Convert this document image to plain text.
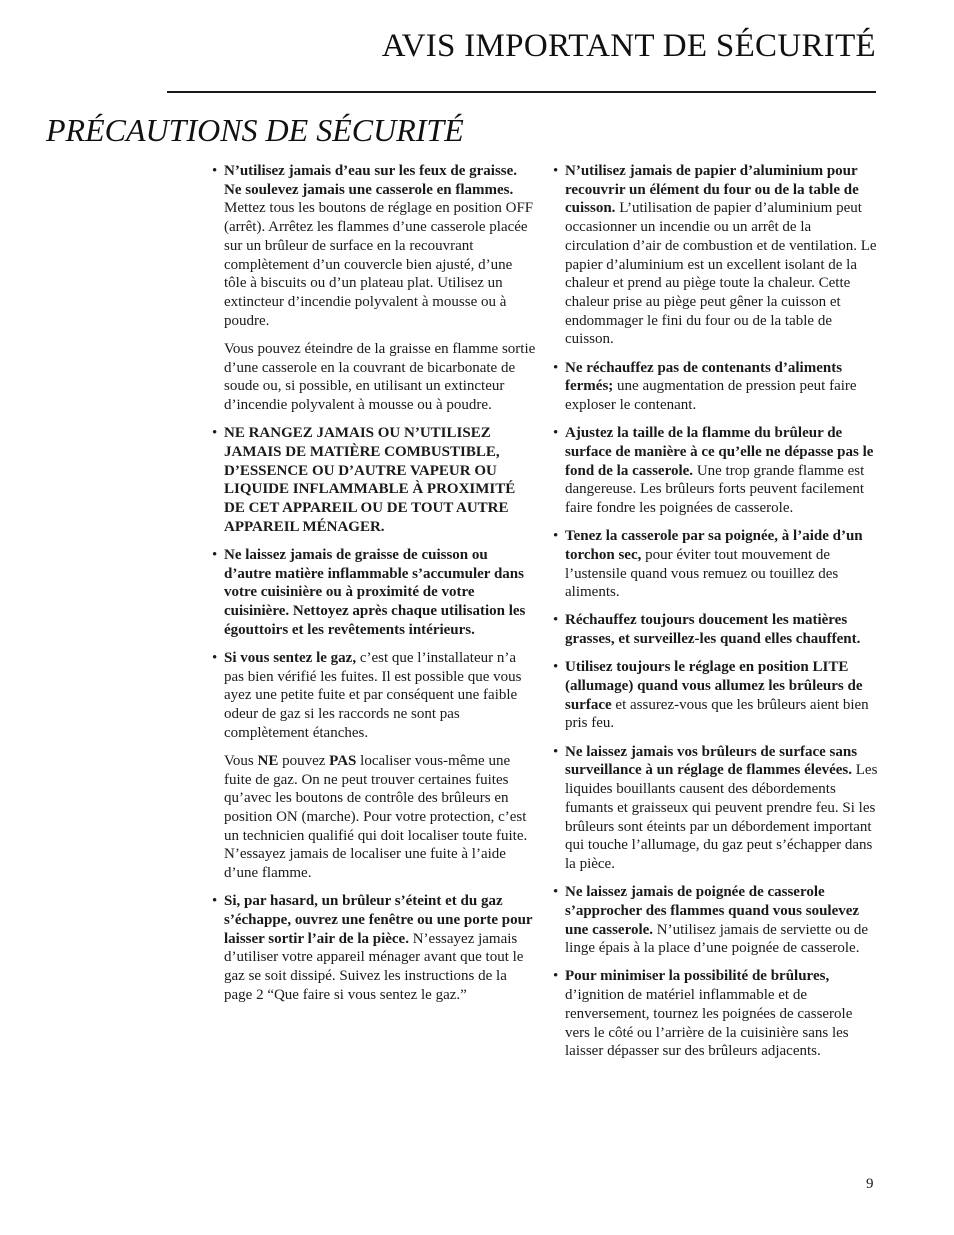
AVIS IMPORTANT DE SÉCURITÉ
PRÉCAUTIONS DE SÉCURITÉ
• N’utilisez jamais d’eau sur les feux de graisse. Ne soulevez jamais une casserole en flammes. Mettez tous les boutons de réglage en position OFF (arrêt). Arrêtez les flammes d’une casserole placée sur un brûleur de surface en la recouvrant complètement d’un couvercle bien ajusté, d’une tôle à biscuits ou d’un plateau plat. Utilisez un extincteur d’incendie polyvalent à mousse ou à poudre.
Vous pouvez éteindre de la graisse en flamme sortie d’une casserole en la couvrant de bicarbonate de soude ou, si possible, en utilisant un extincteur d’incendie polyvalent à mousse ou à poudre.
• NE RANGEZ JAMAIS OU N’UTILISEZ JAMAIS DE MATIÈRE COMBUSTIBLE, D’ESSENCE OU D’AUTRE VAPEUR OU LIQUIDE INFLAMMABLE À PROXIMITÉ DE CET APPAREIL OU DE TOUT AUTRE APPAREIL MÉNAGER.
• Ne laissez jamais de graisse de cuisson ou d’autre matière inflammable s’accumuler dans votre cuisinière ou à proximité de votre cuisinière. Nettoyez après chaque utilisation les égouttoirs et les revêtements intérieurs.
• Si vous sentez le gaz, c’est que l’installateur n’a pas bien vérifié les fuites. Il est possible que vous ayez une petite fuite et par conséquent une faible odeur de gaz si les raccords ne sont pas complètement étanches.
Vous NE pouvez PAS localiser vous-même une fuite de gaz. On ne peut trouver certaines fuites qu’avec les boutons de contrôle des brûleurs en position ON (marche). Pour votre protection, c’est un technicien qualifié qui doit localiser toute fuite. N’essayez jamais de localiser une fuite à l’aide d’une flamme.
• Si, par hasard, un brûleur s’éteint et du gaz s’échappe, ouvrez une fenêtre ou une porte pour laisser sortir l’air de la pièce. N’essayez jamais d’utiliser votre appareil ménager avant que tout le gaz se soit dissipé. Suivez les instructions de la page 2 “Que faire si vous sentez le gaz.”
• N’utilisez jamais de papier d’aluminium pour recouvrir un élément du four ou de la table de cuisson. L’utilisation de papier d’aluminium peut occasionner un incendie ou un arrêt de la circulation d’air de combustion et de ventilation. Le papier d’aluminium est un excellent isolant de la chaleur et prend au piège toute la chaleur. Cette chaleur prise au piège peut gêner la cuisson et endommager le fini du four ou de la table de cuisson.
• Ne réchauffez pas de contenants d’aliments fermés; une augmentation de pression peut faire exploser le contenant.
• Ajustez la taille de la flamme du brûleur de surface de manière à ce qu’elle ne dépasse pas le fond de la casserole. Une trop grande flamme est dangereuse. Les brûleurs forts peuvent facilement faire fondre les poignées de casserole.
• Tenez la casserole par sa poignée, à l’aide d’un torchon sec, pour éviter tout mouvement de l’ustensile quand vous remuez ou touillez des aliments.
• Réchauffez toujours doucement les matières grasses, et surveillez-les quand elles chauffent.
• Utilisez toujours le réglage en position LITE (allumage) quand vous allumez les brûleurs de surface et assurez-vous que les brûleurs aient bien pris feu.
• Ne laissez jamais vos brûleurs de surface sans surveillance à un réglage de flammes élevées. Les liquides bouillants causent des débordements fumants et graisseux qui peuvent prendre feu. Si les brûleurs sont éteints par un débordement important qui touche l’allumage, du gaz peut s’échapper dans la pièce.
• Ne laissez jamais de poignée de casserole s’approcher des flammes quand vous soulevez une casserole. N’utilisez jamais de serviette ou de linge épais à la place d’une poignée de casserole.
• Pour minimiser la possibilité de brûlures, d’ignition de matériel inflammable et de renversement, tournez les poignées de casserole vers le côté ou l’arrière de la cuisinière sans les laisser dépasser sur des brûleurs adjacents.
9
